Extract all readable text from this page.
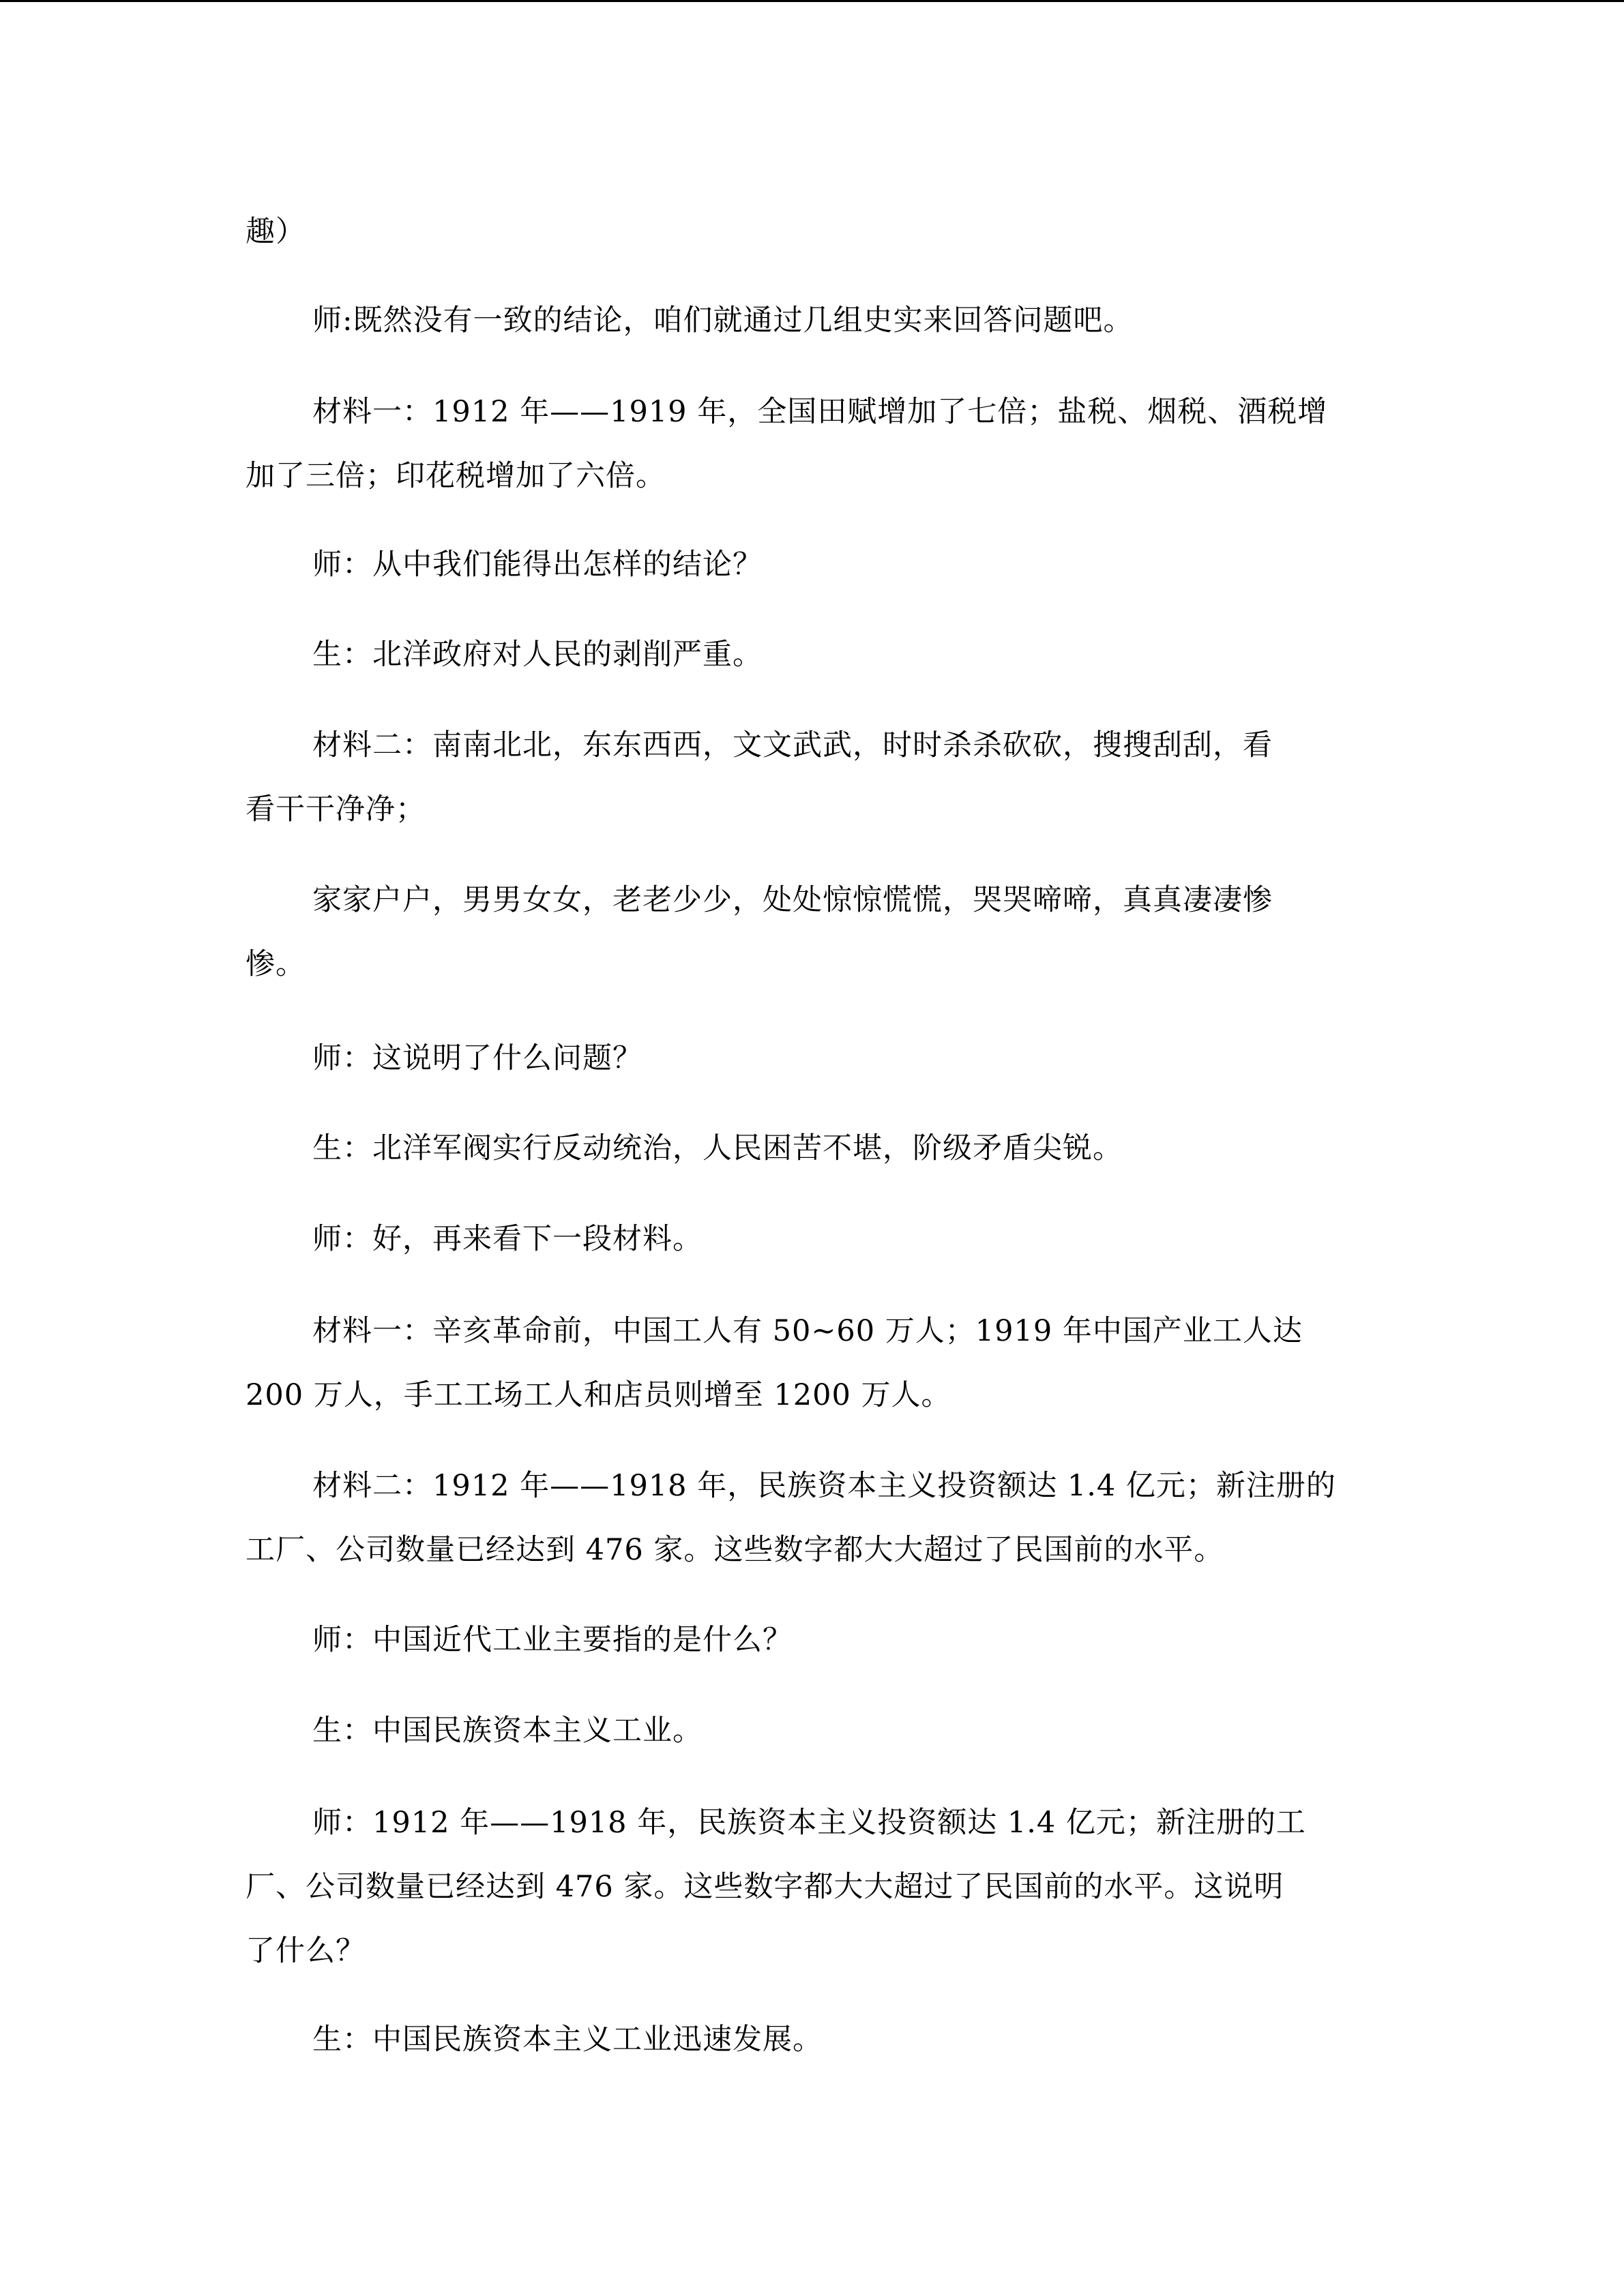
趣）

师:既然没有一致的结论，咱们就通过几组史实来回答问题吧。

材料一：1912 年——1919 年，全国田赋增加了七倍；盐税、烟税、酒税增
加了三倍；印花税增加了六倍。

师：从中我们能得出怎样的结论？

生：北洋政府对人民的剥削严重。

材料二：南南北北，东东西西，文文武武，时时杀杀砍砍，搜搜刮刮，看
看干干净净；

家家户户，男男女女，老老少少，处处惊惊慌慌，哭哭啼啼，真真凄凄惨
惨。

师：这说明了什么问题？

生：北洋军阀实行反动统治，人民困苦不堪，阶级矛盾尖锐。

师：好，再来看下一段材料。

材料一：辛亥革命前，中国工人有 50~60 万人；1919 年中国产业工人达
200 万人，手工工场工人和店员则增至 1200 万人。

材料二：1912 年——1918 年，民族资本主义投资额达 1.4 亿元；新注册的
工厂、公司数量已经达到 476 家。这些数字都大大超过了民国前的水平。

师：中国近代工业主要指的是什么？

生：中国民族资本主义工业。

师：1912 年——1918 年，民族资本主义投资额达 1.4 亿元；新注册的工
厂、公司数量已经达到 476 家。这些数字都大大超过了民国前的水平。这说明
了什么？

生：中国民族资本主义工业迅速发展。
